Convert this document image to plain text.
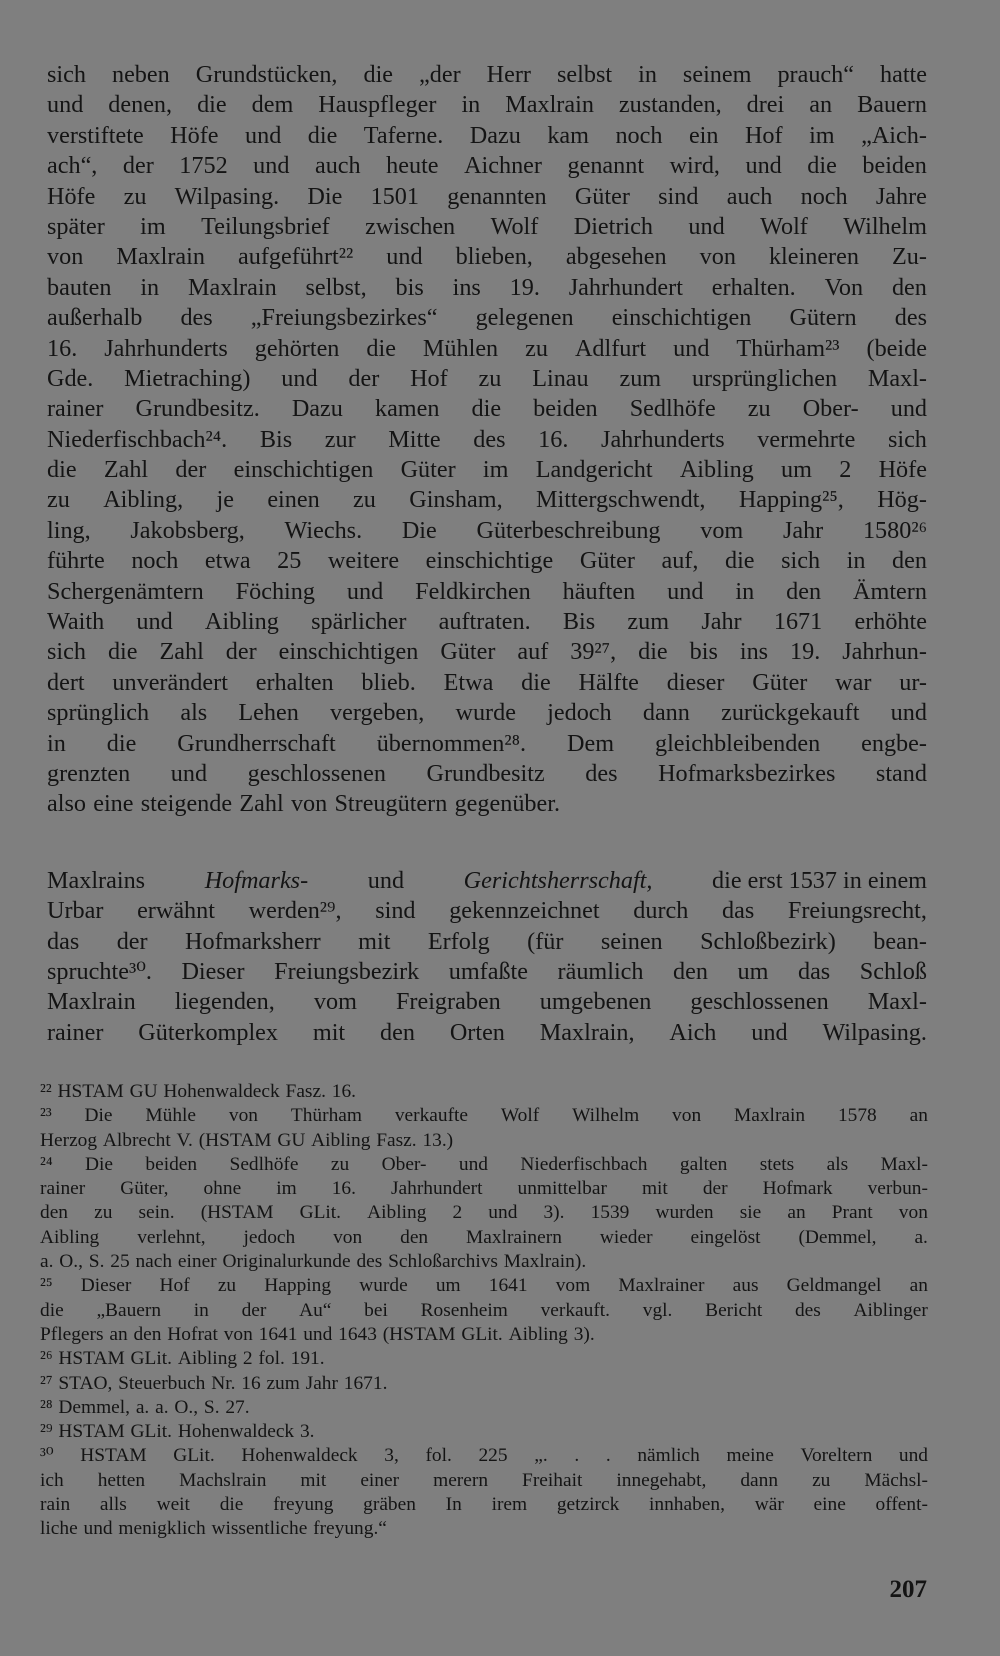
sich neben Grundstücken, die „der Herr selbst in seinem prauch“ hatte
und denen, die dem Hauspfleger in Maxlrain zustanden, drei an Bauern
verstiftete Höfe und die Taferne. Dazu kam noch ein Hof im „Aich-
ach“, der 1752 und auch heute Aichner genannt wird, und die beiden
Höfe zu Wilpasing. Die 1501 genannten Güter sind auch noch Jahre
später im Teilungsbrief zwischen Wolf Dietrich und Wolf Wilhelm
von Maxlrain aufgeführt²² und blieben, abgesehen von kleineren Zu-
bauten in Maxlrain selbst, bis ins 19. Jahrhundert erhalten. Von den
außerhalb des „Freiungsbezirkes“ gelegenen einschichtigen Gütern des
16. Jahrhunderts gehörten die Mühlen zu Adlfurt und Thürham²³ (beide
Gde. Mietraching) und der Hof zu Linau zum ursprünglichen Maxl-
rainer Grundbesitz. Dazu kamen die beiden Sedlhöfe zu Ober- und
Niederfischbach²⁴. Bis zur Mitte des 16. Jahrhunderts vermehrte sich
die Zahl der einschichtigen Güter im Landgericht Aibling um 2 Höfe
zu Aibling, je einen zu Ginsham, Mittergschwendt, Happing²⁵, Hög-
ling, Jakobsberg, Wiechs. Die Güterbeschreibung vom Jahr 1580²⁶
führte noch etwa 25 weitere einschichtige Güter auf, die sich in den
Schergenämtern Föching und Feldkirchen häuften und in den Ämtern
Waith und Aibling spärlicher auftraten. Bis zum Jahr 1671 erhöhte
sich die Zahl der einschichtigen Güter auf 39²⁷, die bis ins 19. Jahrhun-
dert unverändert erhalten blieb. Etwa die Hälfte dieser Güter war ur-
sprünglich als Lehen vergeben, wurde jedoch dann zurückgekauft und
in die Grundherrschaft übernommen²⁸. Dem gleichbleibenden engbe-
grenzten und geschlossenen Grundbesitz des Hofmarksbezirkes stand
also eine steigende Zahl von Streugütern gegenüber.
Maxlrains Hofmarks- und Gerichtsherrschaft, die erst 1537 in einem
Urbar erwähnt werden²⁹, sind gekennzeichnet durch das Freiungsrecht,
das der Hofmarksherr mit Erfolg (für seinen Schloßbezirk) bean-
spruchte³⁰. Dieser Freiungsbezirk umfaßte räumlich den um das Schloß
Maxlrain liegenden, vom Freigraben umgebenen geschlossenen Maxl-
rainer Güterkomplex mit den Orten Maxlrain, Aich und Wilpasing.
²² HSTAM GU Hohenwaldeck Fasz. 16.
²³ Die Mühle von Thürham verkaufte Wolf Wilhelm von Maxlrain 1578 an
Herzog Albrecht V. (HSTAM GU Aibling Fasz. 13.)
²⁴ Die beiden Sedlhöfe zu Ober- und Niederfischbach galten stets als Maxl-
rainer Güter, ohne im 16. Jahrhundert unmittelbar mit der Hofmark verbun-
den zu sein. (HSTAM GLit. Aibling 2 und 3). 1539 wurden sie an Prant von
Aibling verlehnt, jedoch von den Maxlrainern wieder eingelöst (Demmel, a.
a. O., S. 25 nach einer Originalurkunde des Schloßarchivs Maxlrain).
²⁵ Dieser Hof zu Happing wurde um 1641 vom Maxlrainer aus Geldmangel an
die „Bauern in der Au“ bei Rosenheim verkauft. vgl. Bericht des Aiblinger
Pflegers an den Hofrat von 1641 und 1643 (HSTAM GLit. Aibling 3).
²⁶ HSTAM GLit. Aibling 2 fol. 191.
²⁷ STAO, Steuerbuch Nr. 16 zum Jahr 1671.
²⁸ Demmel, a. a. O., S. 27.
²⁹ HSTAM GLit. Hohenwaldeck 3.
³⁰ HSTAM GLit. Hohenwaldeck 3, fol. 225 „. . . nämlich meine Voreltern und
ich hetten Machslrain mit einer merern Freihait innegehabt, dann zu Mächsl-
rain alls weit die freyung gräben In irem getzirck innhaben, wär eine offent-
liche und menigklich wissentliche freyung.“
207
